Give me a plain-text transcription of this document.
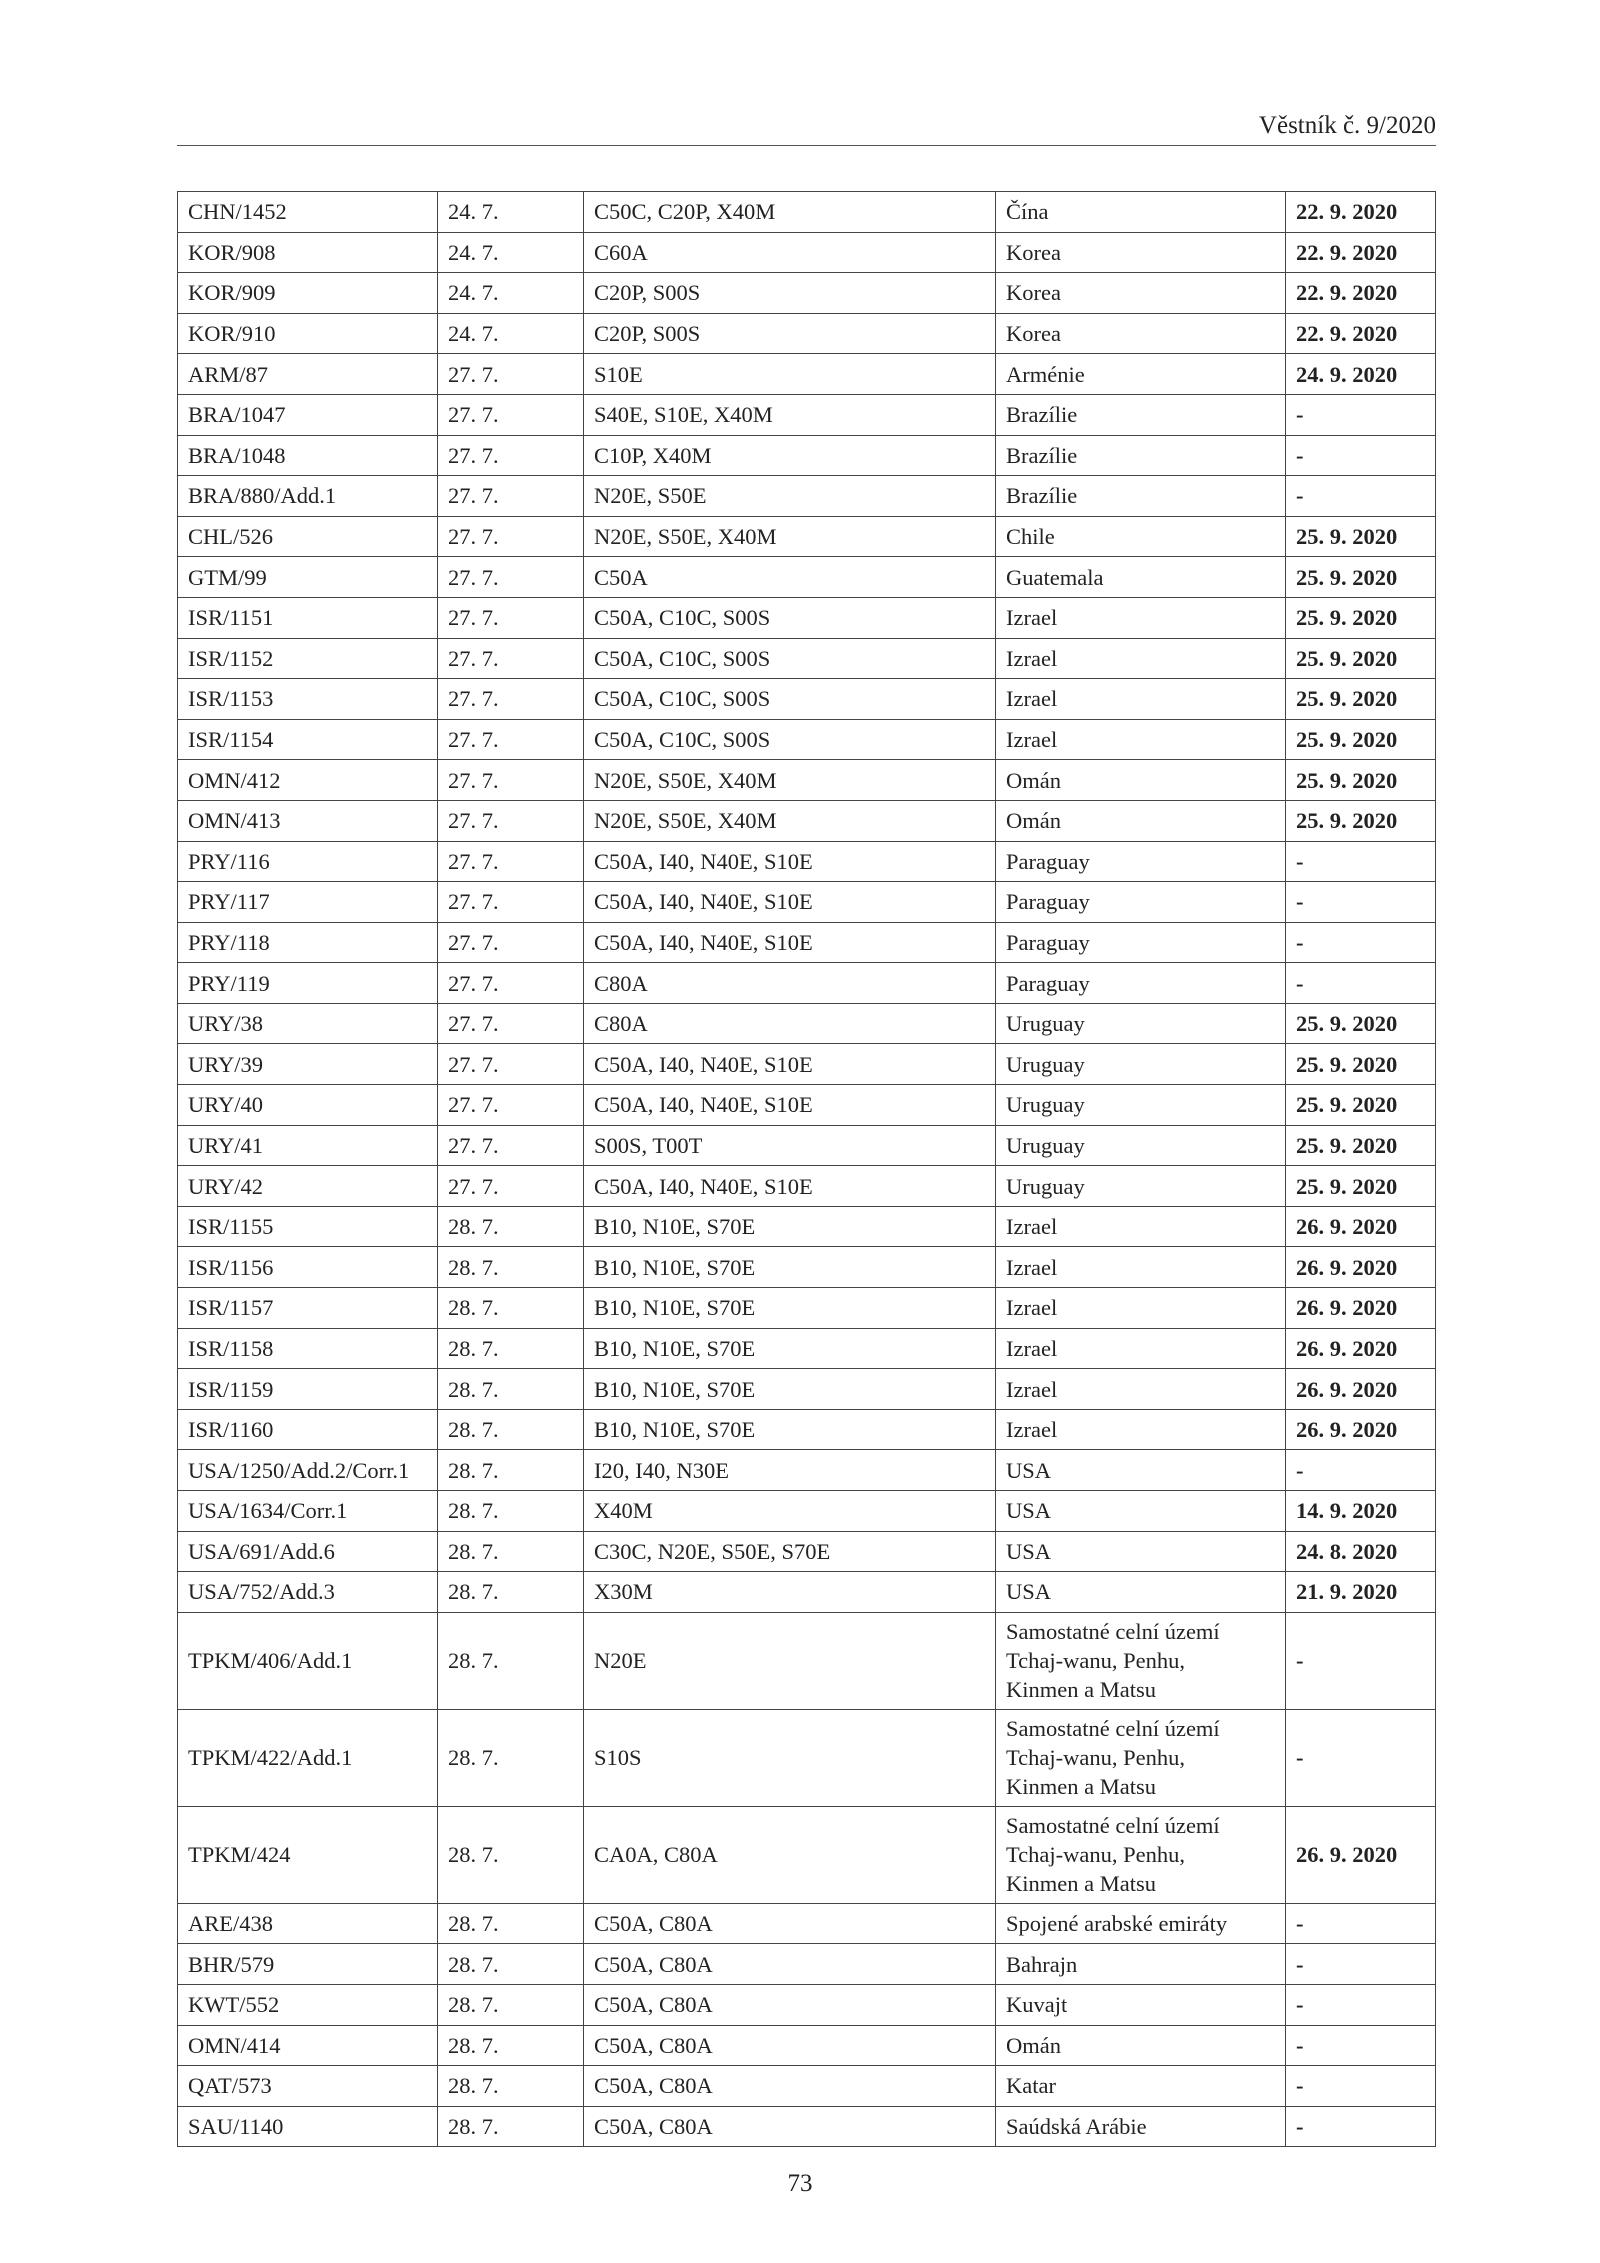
Věstník č. 9/2020
CHN/1452	24. 7.	C50C, C20P, X40M	Čína	22. 9. 2020
KOR/908	24. 7.	C60A	Korea	22. 9. 2020
KOR/909	24. 7.	C20P, S00S	Korea	22. 9. 2020
KOR/910	24. 7.	C20P, S00S	Korea	22. 9. 2020
ARM/87	27. 7.	S10E	Arménie	24. 9. 2020
BRA/1047	27. 7.	S40E, S10E, X40M	Brazílie	-
BRA/1048	27. 7.	C10P, X40M	Brazílie	-
BRA/880/Add.1	27. 7.	N20E, S50E	Brazílie	-
CHL/526	27. 7.	N20E, S50E, X40M	Chile	25. 9. 2020
GTM/99	27. 7.	C50A	Guatemala	25. 9. 2020
ISR/1151	27. 7.	C50A, C10C, S00S	Izrael	25. 9. 2020
ISR/1152	27. 7.	C50A, C10C, S00S	Izrael	25. 9. 2020
ISR/1153	27. 7.	C50A, C10C, S00S	Izrael	25. 9. 2020
ISR/1154	27. 7.	C50A, C10C, S00S	Izrael	25. 9. 2020
OMN/412	27. 7.	N20E, S50E, X40M	Omán	25. 9. 2020
OMN/413	27. 7.	N20E, S50E, X40M	Omán	25. 9. 2020
PRY/116	27. 7.	C50A, I40, N40E, S10E	Paraguay	-
PRY/117	27. 7.	C50A, I40, N40E, S10E	Paraguay	-
PRY/118	27. 7.	C50A, I40, N40E, S10E	Paraguay	-
PRY/119	27. 7.	C80A	Paraguay	-
URY/38	27. 7.	C80A	Uruguay	25. 9. 2020
URY/39	27. 7.	C50A, I40, N40E, S10E	Uruguay	25. 9. 2020
URY/40	27. 7.	C50A, I40, N40E, S10E	Uruguay	25. 9. 2020
URY/41	27. 7.	S00S, T00T	Uruguay	25. 9. 2020
URY/42	27. 7.	C50A, I40, N40E, S10E	Uruguay	25. 9. 2020
ISR/1155	28. 7.	B10, N10E, S70E	Izrael	26. 9. 2020
ISR/1156	28. 7.	B10, N10E, S70E	Izrael	26. 9. 2020
ISR/1157	28. 7.	B10, N10E, S70E	Izrael	26. 9. 2020
ISR/1158	28. 7.	B10, N10E, S70E	Izrael	26. 9. 2020
ISR/1159	28. 7.	B10, N10E, S70E	Izrael	26. 9. 2020
ISR/1160	28. 7.	B10, N10E, S70E	Izrael	26. 9. 2020
USA/1250/Add.2/Corr.1	28. 7.	I20, I40, N30E	USA	-
USA/1634/Corr.1	28. 7.	X40M	USA	14. 9. 2020
USA/691/Add.6	28. 7.	C30C, N20E, S50E, S70E	USA	24. 8. 2020
USA/752/Add.3	28. 7.	X30M	USA	21. 9. 2020
TPKM/406/Add.1	28. 7.	N20E	Samostatné celní území
Tchaj-wanu, Penhu,
Kinmen a Matsu	-
TPKM/422/Add.1	28. 7.	S10S	Samostatné celní území
Tchaj-wanu, Penhu,
Kinmen a Matsu	-
TPKM/424	28. 7.	CA0A, C80A	Samostatné celní území
Tchaj-wanu, Penhu,
Kinmen a Matsu	26. 9. 2020
ARE/438	28. 7.	C50A, C80A	Spojené arabské emiráty	-
BHR/579	28. 7.	C50A, C80A	Bahrajn	-
KWT/552	28. 7.	C50A, C80A	Kuvajt	-
OMN/414	28. 7.	C50A, C80A	Omán	-
QAT/573	28. 7.	C50A, C80A	Katar	-
SAU/1140	28. 7.	C50A, C80A	Saúdská Arábie	-
73
